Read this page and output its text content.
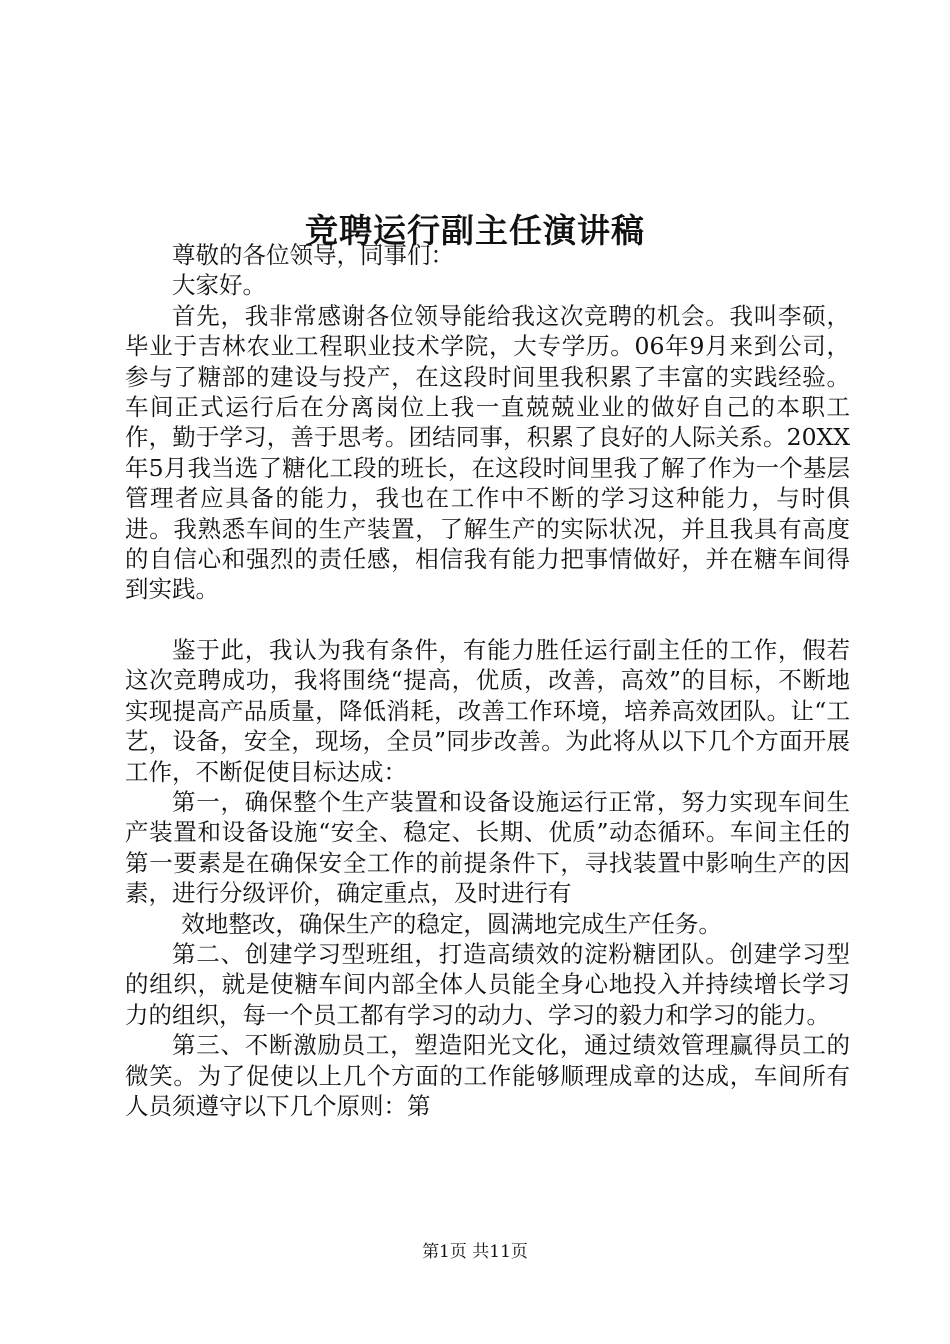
竞聘运行副主任演讲稿

尊敬的各位领导，同事们：

大家好。

首先，我非常感谢各位领导能给我这次竞聘的机会。我叫李硕，毕业于吉林农业工程职业技术学院，大专学历。06年9月来到公司，参与了糖部的建设与投产，在这段时间里我积累了丰富的实践经验。车间正式运行后在分离岗位上我一直兢兢业业的做好自己的本职工作，勤于学习，善于思考。团结同事，积累了良好的人际关系。20XX年5月我当选了糖化工段的班长，在这段时间里我了解了作为一个基层管理者应具备的能力，我也在工作中不断的学习这种能力，与时俱进。我熟悉车间的生产装置，了解生产的实际状况，并且我具有高度的自信心和强烈的责任感，相信我有能力把事情做好，并在糖车间得到实践。

鉴于此，我认为我有条件，有能力胜任运行副主任的工作，假若这次竞聘成功，我将围绕“提高，优质，改善，高效”的目标，不断地实现提高产品质量，降低消耗，改善工作环境，培养高效团队。让“工艺，设备，安全，现场，全员”同步改善。为此将从以下几个方面开展工作，不断促使目标达成：

第一，确保整个生产装置和设备设施运行正常，努力实现车间生产装置和设备设施“安全、稳定、长期、优质”动态循环。车间主任的第一要素是在确保安全工作的前提条件下，寻找装置中影响生产的因素，进行分级评价，确定重点，及时进行有

效地整改，确保生产的稳定，圆满地完成生产任务。

第二、创建学习型班组，打造高绩效的淀粉糖团队。创建学习型的组织，就是使糖车间内部全体人员能全身心地投入并持续增长学习力的组织，每一个员工都有学习的动力、学习的毅力和学习的能力。

第三、不断激励员工，塑造阳光文化，通过绩效管理赢得员工的微笑。为了促使以上几个方面的工作能够顺理成章的达成，车间所有人员须遵守以下几个原则：第

第1页 共11页
